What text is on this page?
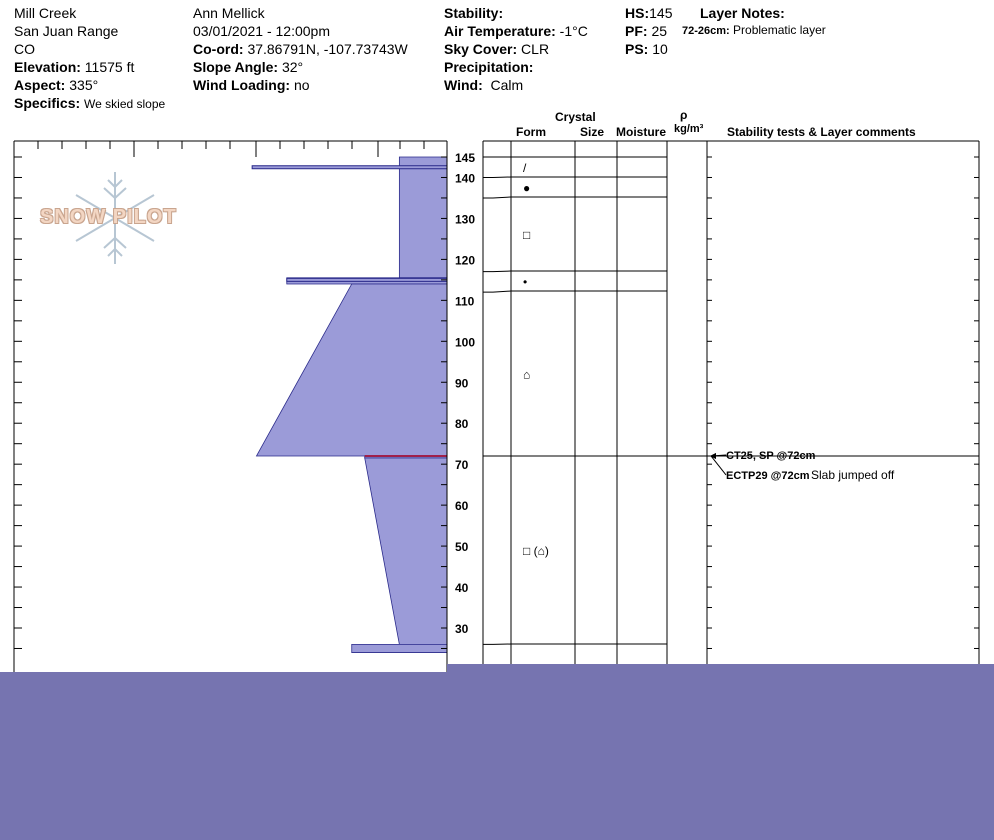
Mill Creek
San Juan Range
CO
Elevation: 11575 ft
Aspect: 335°
Specifics: We skied slope
Ann Mellick
03/01/2021 - 12:00pm
Co-ord: 37.86791N, -107.73743W
Slope Angle: 32°
Wind Loading: no
Stability:
Air Temperature: -1°C
Sky Cover: CLR
Precipitation:
Wind: Calm
HS:145
PF: 25
PS: 10
Layer Notes:
72-26cm: Problematic layer
Crystal
Form	Size Moisture
ρ
kg/m³ Stability tests & Layer comments
SNOW PILOT
145
140
130
120
110
100
90
80
70
60
50
40
30
/
●
□
•
⌂
□ (⌂)
CT25, SP @72cm
ECTP29 @72cm Slab jumped off
